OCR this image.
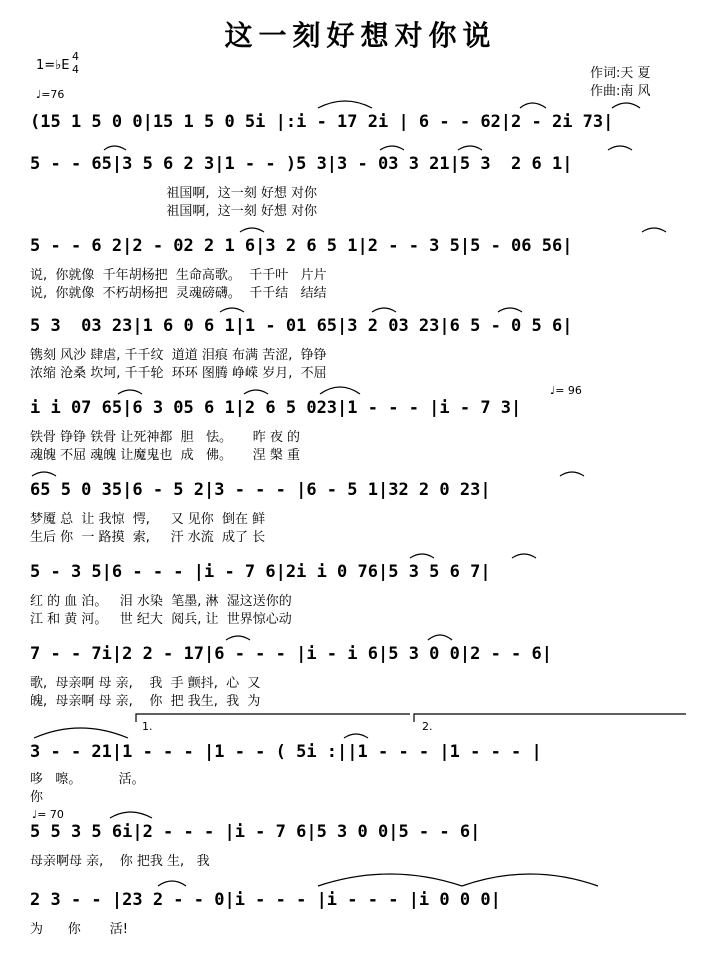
这一刻好想对你说
1=♭E
4
4
♩=76
作词:天 夏
作曲:南 风
(15 1 5 0 0|15 1 5 0 5i |:i - 17 2i | 6 - - 62|2 - 2i 73|
5 - - 65|3 5 6 2 3|1 - - )5 3|3 - 03 3 21|5 3  2 6 1|
祖国啊,  这一刻 好想 对你
祖国啊,  这一刻 好想 对你
5 - - 6 2|2 - 02 2 1 6|3 2 6 5 1|2 - - 3 5|5 - 06 56|
说,  你就像  千年胡杨把  生命高歌。  千千叶   片片
说,  你就像  不朽胡杨把  灵魂磅礴。  千千结   结结
5 3  03 23|1 6 0 6 1|1 - 01 65|3 2 03 23|6 5 - 0 5 6|
镌刻 风沙 肆虐, 千千纹  道道 泪痕 布满 苦涩,  铮铮
浓缩 沧桑 坎坷, 千千轮  环环 图腾 峥嵘 岁月,  不屈
i i 07 65|6 3 05 6 1|2 6 5 023|1 - - - |i - 7 3|
铁骨 铮铮 铁骨 让死神都  胆   怯。     昨 夜 的
魂魄 不屈 魂魄 让魔鬼也  成   佛。     涅 槃 重
♩= 96
65 5 0 35|6 - 5 2|3 - - - |6 - 5 1|32 2 0 23|
梦魇 总  让 我惊  愕,     又 见你  倒在 鲜
生后 你  一 路摸  索,     汗 水流  成了 长
5 - 3 5|6 - - - |i - 7 6|2i i 0 76|5 3 5 6 7|
红 的 血 泊。   泪 水染  笔墨, 淋  湿这送你的
江 和 黄 河。   世 纪大  阅兵, 让  世界惊心动
7 - - 7i|2 2 - 17|6 - - - |i - i 6|5 3 0 0|2 - - 6|
歌,  母亲啊 母 亲,    我  手 颤抖,  心  又
魄,  母亲啊 母 亲,    你  把 我生,  我  为
3 - - 21|1 - - - |1 - - ( 5i :||1 - - - |1 - - - |
哆   嚓。         活。
你
1.	2.
5 5 3 5 6i|2 - - - |i - 7 6|5 3 0 0|5 - - 6|
母亲啊母 亲,    你 把我 生,   我
♩= 70
2 3 - - |23 2 - - 0|i - - - |i - - - |i 0 0 0|
为      你       活!
